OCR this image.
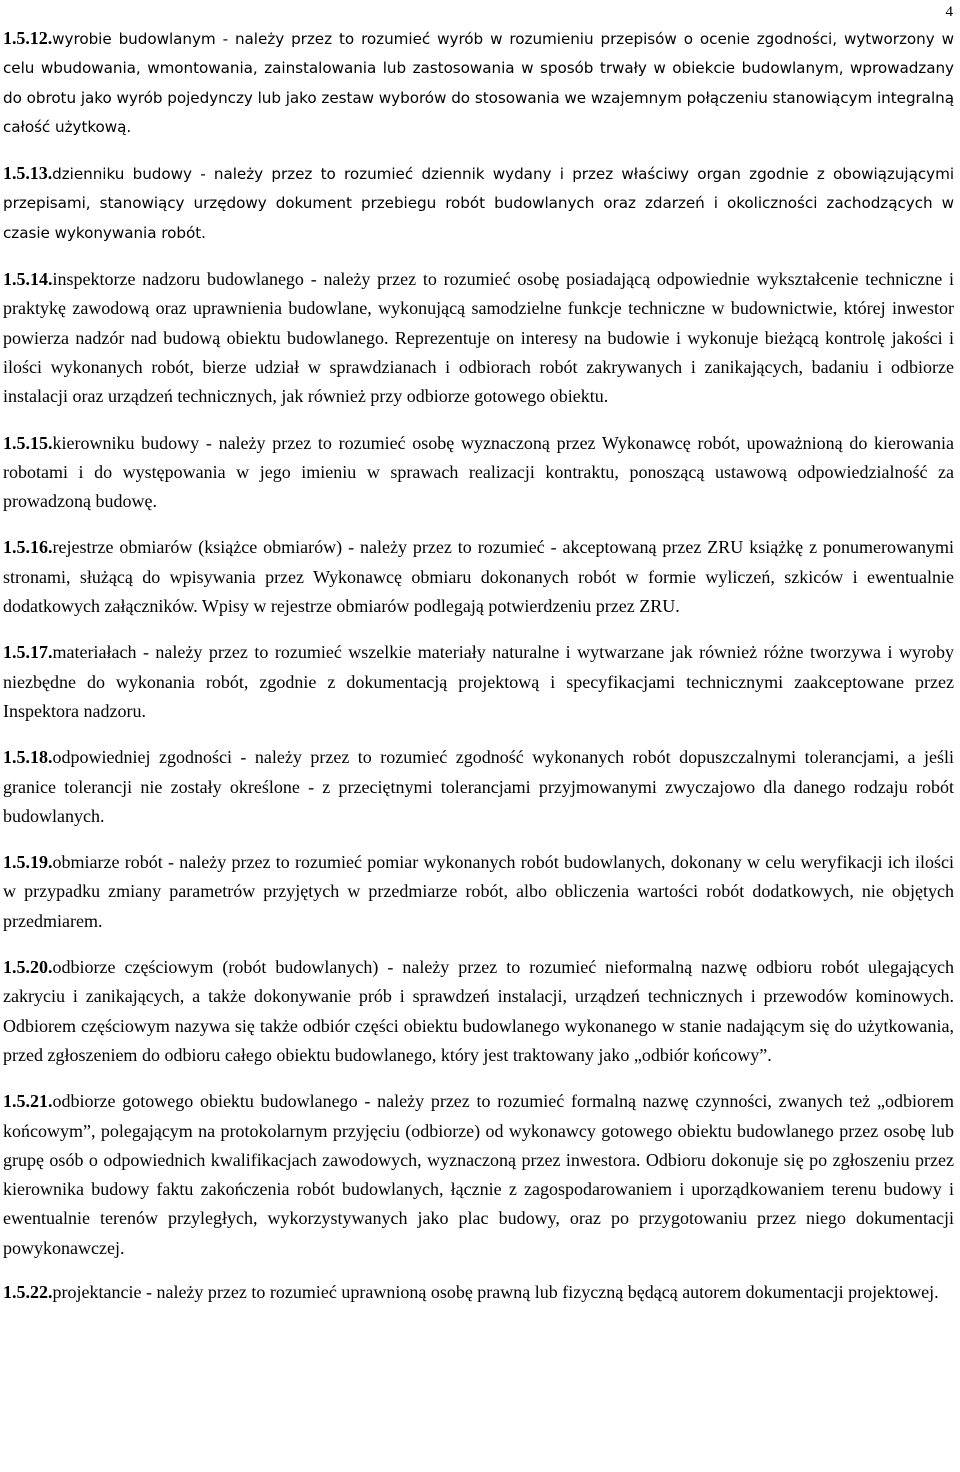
4

1.5.12.wyrobie budowlanym - należy przez to rozumieć wyrób w rozumieniu przepisów o ocenie zgodności, wytworzony w celu wbudowania, wmontowania, zainstalowania lub zastosowania w sposób trwały w obiekcie budowlanym, wprowadzany do obrotu jako wyrób pojedynczy lub jako zestaw wyborów do stosowania we wzajemnym połączeniu stanowiącym integralną całość użytkową.

1.5.13.dzienniku budowy - należy przez to rozumieć dziennik wydany i przez właściwy organ zgodnie z obowiązującymi przepisami, stanowiący urzędowy dokument przebiegu robót budowlanych oraz zdarzeń i okoliczności zachodzących w czasie wykonywania robót.

1.5.14.inspektorze nadzoru budowlanego - należy przez to rozumieć osobę posiadającą odpowiednie wykształcenie techniczne i praktykę zawodową oraz uprawnienia budowlane, wykonującą samodzielne funkcje techniczne w budownictwie, której inwestor powierza nadzór nad budową obiektu budowlanego. Reprezentuje on interesy na budowie i wykonuje bieżącą kontrolę jakości i ilości wykonanych robót, bierze udział w sprawdzianach i odbiorach robót zakrywanych i zanikających, badaniu i odbiorze instalacji oraz urządzeń technicznych, jak również przy odbiorze gotowego obiektu.

1.5.15.kierowniku budowy - należy przez to rozumieć osobę wyznaczoną przez Wykonawcę robót, upoważnioną do kierowania robotami i do występowania w jego imieniu w sprawach realizacji kontraktu, ponoszącą ustawową odpowiedzialność za prowadzoną budowę.

1.5.16.rejestrze obmiarów (książce obmiarów) - należy przez to rozumieć - akceptowaną przez ZRU książkę z ponumerowanymi stronami, służącą do wpisywania przez Wykonawcę obmiaru dokonanych robót w formie wyliczeń, szkiców i ewentualnie dodatkowych załączników. Wpisy w rejestrze obmiarów podlegają potwierdzeniu przez ZRU.

1.5.17.materiałach - należy przez to rozumieć wszelkie materiały naturalne i wytwarzane jak również różne tworzywa i wyroby niezbędne do wykonania robót, zgodnie z dokumentacją projektową i specyfikacjami technicznymi zaakceptowane przez Inspektora nadzoru.

1.5.18.odpowiedniej zgodności - należy przez to rozumieć zgodność wykonanych robót dopuszczalnymi tolerancjami, a jeśli granice tolerancji nie zostały określone - z przeciętnymi tolerancjami przyjmowanymi zwyczajowo dla danego rodzaju robót budowlanych.

1.5.19.obmiarze robót - należy przez to rozumieć pomiar wykonanych robót budowlanych, dokonany w celu weryfikacji ich ilości w przypadku zmiany parametrów przyjętych w przedmiarze robót, albo obliczenia wartości robót dodatkowych, nie objętych przedmiarem.

1.5.20.odbiorze częściowym (robót budowlanych) - należy przez to rozumieć nieformalną nazwę odbioru robót ulegających zakryciu i zanikających, a także dokonywanie prób i sprawdzeń instalacji, urządzeń technicznych i przewodów kominowych. Odbiorem częściowym nazywa się także odbiór części obiektu budowlanego wykonanego w stanie nadającym się do użytkowania, przed zgłoszeniem do odbioru całego obiektu budowlanego, który jest traktowany jako „odbiór końcowy”.

1.5.21.odbiorze gotowego obiektu budowlanego - należy przez to rozumieć formalną nazwę czynności, zwanych też „odbiorem końcowym”, polegającym na protokolarnym przyjęciu (odbiorze) od wykonawcy gotowego obiektu budowlanego przez osobę lub grupę osób o odpowiednich kwalifikacjach zawodowych, wyznaczoną przez inwestora. Odbioru dokonuje się po zgłoszeniu przez kierownika budowy faktu zakończenia robót budowlanych, łącznie z zagospodarowaniem i uporządkowaniem terenu budowy i ewentualnie terenów przyległych, wykorzystywanych jako plac budowy, oraz po przygotowaniu przez niego dokumentacji powykonawczej.

1.5.22.projektancie - należy przez to rozumieć uprawnioną osobę prawną lub fizyczną będącą autorem dokumentacji projektowej.
